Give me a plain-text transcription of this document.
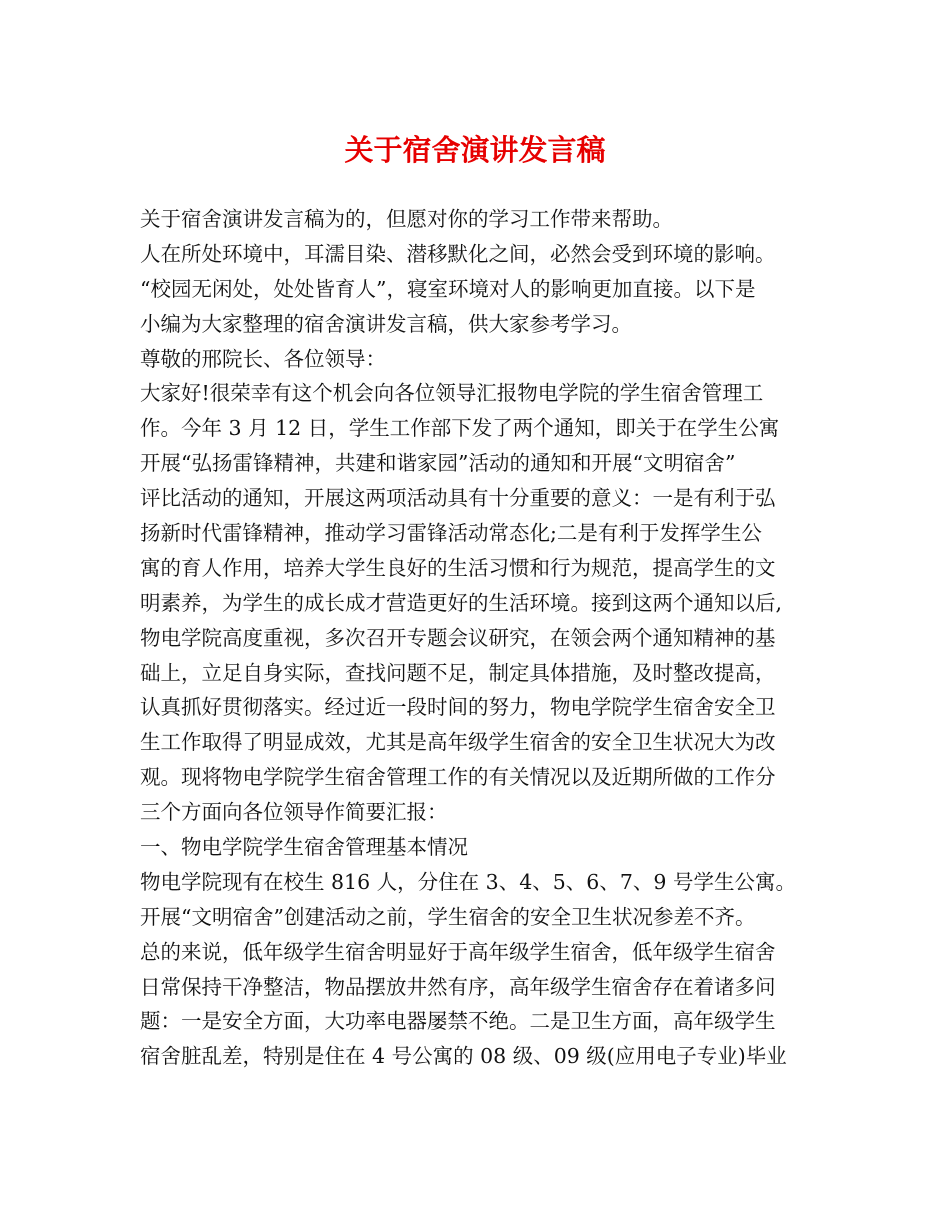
关于宿舍演讲发言稿
关于宿舍演讲发言稿为的，但愿对你的学习工作带来帮助。
人在所处环境中，耳濡目染、潜移默化之间，必然会受到环境的影响。
“校园无闲处，处处皆育人”，寝室环境对人的影响更加直接。以下是
小编为大家整理的宿舍演讲发言稿，供大家参考学习。
尊敬的邢院长、各位领导：
大家好!很荣幸有这个机会向各位领导汇报物电学院的学生宿舍管理工
作。今年 3 月 12 日，学生工作部下发了两个通知，即关于在学生公寓
开展“弘扬雷锋精神，共建和谐家园”活动的通知和开展“文明宿舍”
评比活动的通知，开展这两项活动具有十分重要的意义：一是有利于弘
扬新时代雷锋精神，推动学习雷锋活动常态化;二是有利于发挥学生公
寓的育人作用，培养大学生良好的生活习惯和行为规范，提高学生的文
明素养，为学生的成长成才营造更好的生活环境。接到这两个通知以后,
物电学院高度重视，多次召开专题会议研究，在领会两个通知精神的基
础上，立足自身实际，查找问题不足，制定具体措施，及时整改提高，
认真抓好贯彻落实。经过近一段时间的努力，物电学院学生宿舍安全卫
生工作取得了明显成效，尤其是高年级学生宿舍的安全卫生状况大为改
观。现将物电学院学生宿舍管理工作的有关情况以及近期所做的工作分
三个方面向各位领导作简要汇报：
一、物电学院学生宿舍管理基本情况
物电学院现有在校生 816 人，分住在 3、4、5、6、7、9 号学生公寓。
开展“文明宿舍”创建活动之前，学生宿舍的安全卫生状况参差不齐。
总的来说，低年级学生宿舍明显好于高年级学生宿舍，低年级学生宿舍
日常保持干净整洁，物品摆放井然有序，高年级学生宿舍存在着诸多问
题：一是安全方面，大功率电器屡禁不绝。二是卫生方面，高年级学生
宿舍脏乱差，特别是住在 4 号公寓的 08 级、09 级(应用电子专业)毕业
